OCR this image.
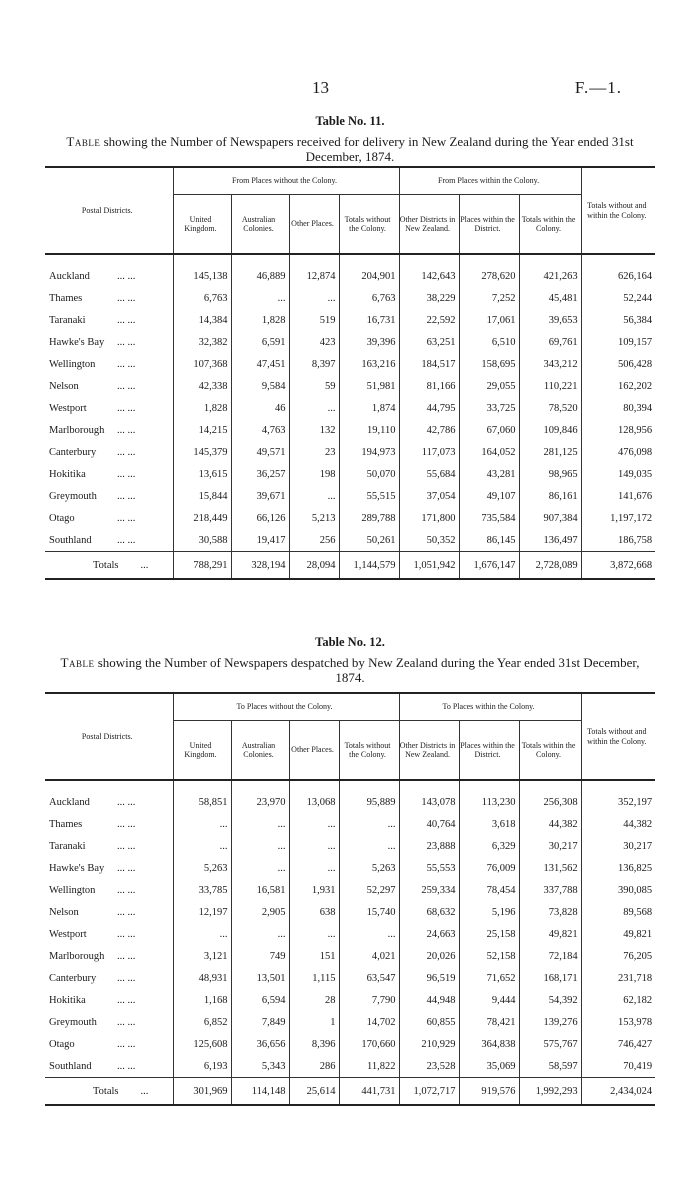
13	F.—1.
Table No. 11.
Table showing the Number of Newspapers received for delivery in New Zealand during the Year ended 31st December, 1874.
Postal Districts.	From Places without the Colony.				From Places within the Colony.			Totals without and within the Colony.
	United Kingdom.	Australian Colonies.	Other Places.	Totals without the Colony.	Other Districts in New Zealand.	Places within the District.	Totals within the Colony.	

Auckland ... ...	145,138	46,889	12,874	204,901	142,643	278,620	421,263	626,164
Thames ... ...	6,763	...	...	6,763	38,229	7,252	45,481	52,244
Taranaki ... ...	14,384	1,828	519	16,731	22,592	17,061	39,653	56,384
Hawke's Bay ... ...	32,382	6,591	423	39,396	63,251	6,510	69,761	109,157
Wellington ... ...	107,368	47,451	8,397	163,216	184,517	158,695	343,212	506,428
Nelson ... ...	42,338	9,584	59	51,981	81,166	29,055	110,221	162,202
Westport ... ...	1,828	46	...	1,874	44,795	33,725	78,520	80,394
Marlborough ... ...	14,215	4,763	132	19,110	42,786	67,060	109,846	128,956
Canterbury ... ...	145,379	49,571	23	194,973	117,073	164,052	281,125	476,098
Hokitika ... ...	13,615	36,257	198	50,070	55,684	43,281	98,965	149,035
Greymouth ... ...	15,844	39,671	...	55,515	37,054	49,107	86,161	141,676
Otago ... ...	218,449	66,126	5,213	289,788	171,800	735,584	907,384	1,197,172
Southland ... ...	30,588	19,417	256	50,261	50,352	86,145	136,497	186,758
Totals ...	788,291	328,194	28,094	1,144,579	1,051,942	1,676,147	2,728,089	3,872,668
Table No. 12.
Table showing the Number of Newspapers despatched by New Zealand during the Year ended 31st December, 1874.
Postal Districts.	To Places without the Colony.				To Places within the Colony.			Totals without and within the Colony.
	United Kingdom.	Australian Colonies.	Other Places.	Totals without the Colony.	Other Districts in New Zealand.	Places within the District.	Totals within the Colony.	

Auckland ... ...	58,851	23,970	13,068	95,889	143,078	113,230	256,308	352,197
Thames ... ...	...	...	...	...	40,764	3,618	44,382	44,382
Taranaki ... ...	...	...	...	...	23,888	6,329	30,217	30,217
Hawke's Bay ... ...	5,263	...	...	5,263	55,553	76,009	131,562	136,825
Wellington ... ...	33,785	16,581	1,931	52,297	259,334	78,454	337,788	390,085
Nelson ... ...	12,197	2,905	638	15,740	68,632	5,196	73,828	89,568
Westport ... ...	...	...	...	...	24,663	25,158	49,821	49,821
Marlborough ... ...	3,121	749	151	4,021	20,026	52,158	72,184	76,205
Canterbury ... ...	48,931	13,501	1,115	63,547	96,519	71,652	168,171	231,718
Hokitika ... ...	1,168	6,594	28	7,790	44,948	9,444	54,392	62,182
Greymouth ... ...	6,852	7,849	1	14,702	60,855	78,421	139,276	153,978
Otago ... ...	125,608	36,656	8,396	170,660	210,929	364,838	575,767	746,427
Southland ... ...	6,193	5,343	286	11,822	23,528	35,069	58,597	70,419
Totals ...	301,969	114,148	25,614	441,731	1,072,717	919,576	1,992,293	2,434,024
